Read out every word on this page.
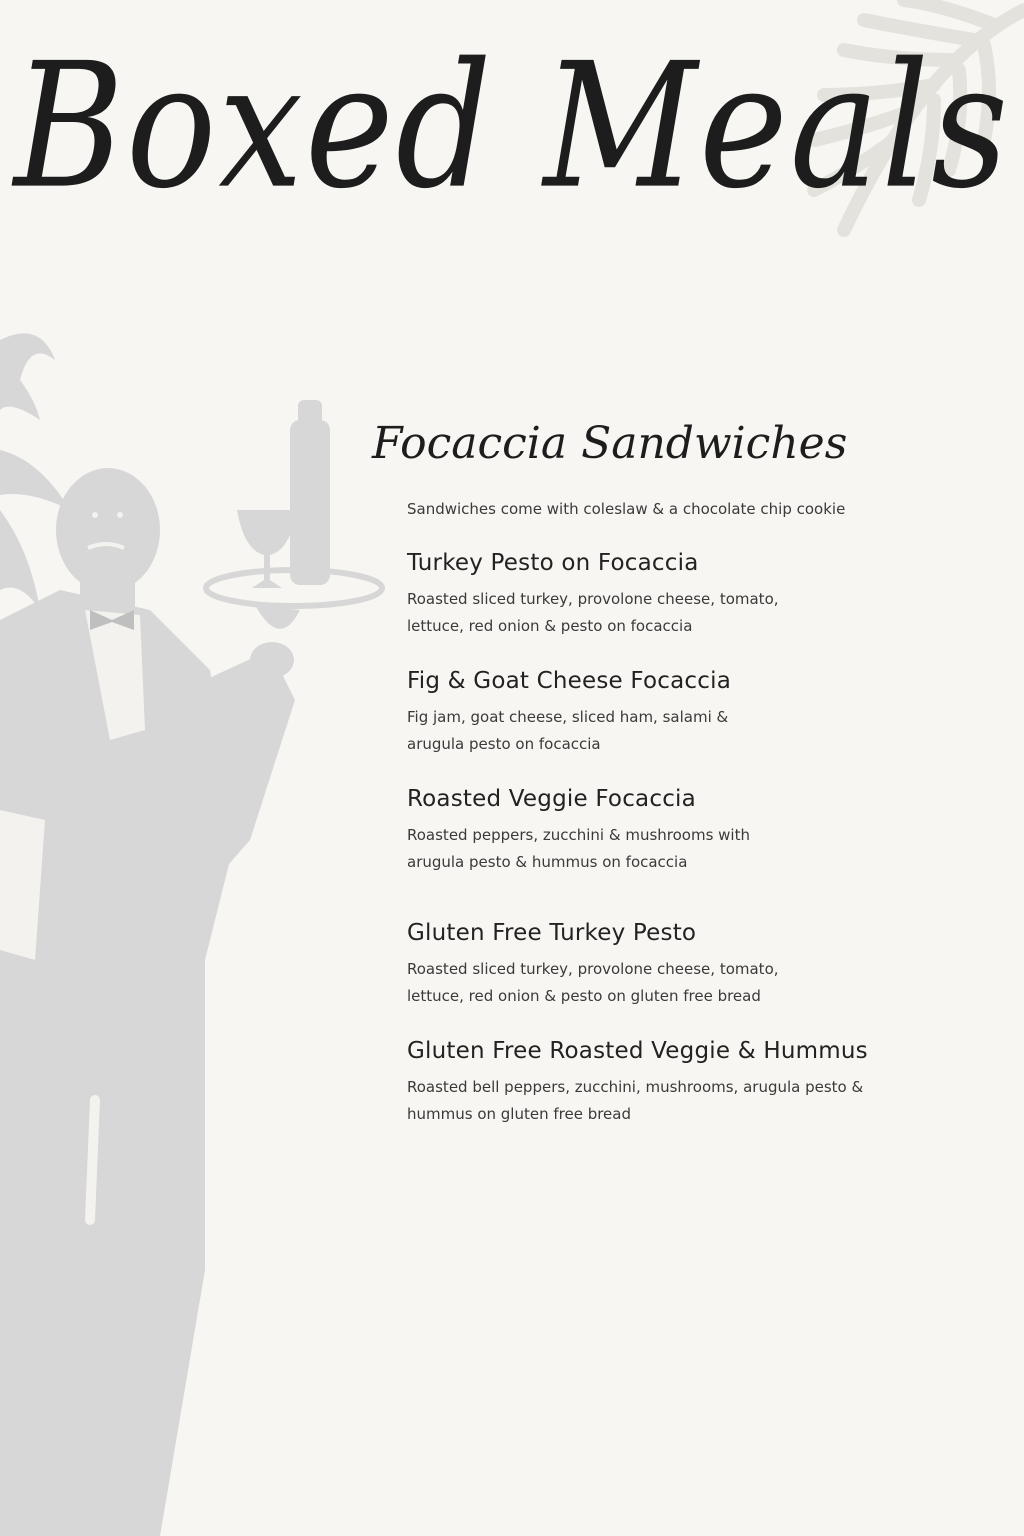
Boxed Meals
Focaccia Sandwiches
Sandwiches come with coleslaw & a chocolate chip cookie

Turkey Pesto on Focaccia

Roasted sliced turkey, provolone cheese, tomato,
lettuce, red onion & pesto on focaccia

Fig & Goat Cheese Focaccia

Fig jam, goat cheese, sliced ham, salami &
arugula pesto on focaccia

Roasted Veggie Focaccia

Roasted peppers, zucchini & mushrooms with
arugula pesto & hummus on focaccia

Gluten Free Turkey Pesto

Roasted sliced turkey, provolone cheese, tomato,
lettuce, red onion & pesto on gluten free bread

Gluten Free Roasted Veggie & Hummus

Roasted bell peppers, zucchini, mushrooms, arugula pesto &
hummus on gluten free bread
